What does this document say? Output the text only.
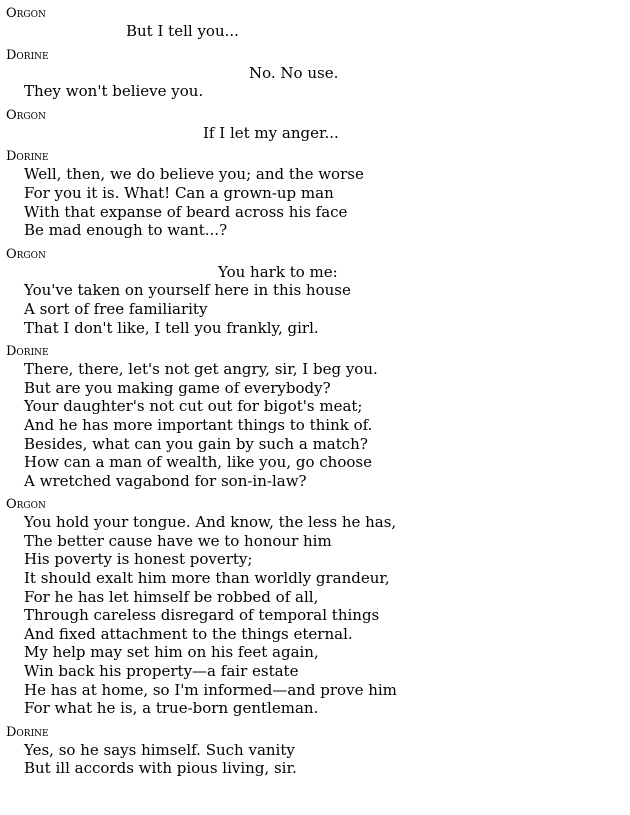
Orgon
But I tell you...
Dorine
No. No use.
They won't believe you.
Orgon
If I let my anger...
Dorine
Well, then, we do believe you; and the worse
For you it is. What! Can a grown-up man
With that expanse of beard across his face
Be mad enough to want...?
Orgon
You hark to me:
You've taken on yourself here in this house
A sort of free familiarity
That I don't like, I tell you frankly, girl.
Dorine
There, there, let's not get angry, sir, I beg you.
But are you making game of everybody?
Your daughter's not cut out for bigot's meat;
And he has more important things to think of.
Besides, what can you gain by such a match?
How can a man of wealth, like you, go choose
A wretched vagabond for son-in-law?
Orgon
You hold your tongue. And know, the less he has,
The better cause have we to honour him
His poverty is honest poverty;
It should exalt him more than worldly grandeur,
For he has let himself be robbed of all,
Through careless disregard of temporal things
And fixed attachment to the things eternal.
My help may set him on his feet again,
Win back his property—a fair estate
He has at home, so I'm informed—and prove him
For what he is, a true-born gentleman.
Dorine
Yes, so he says himself. Such vanity
But ill accords with pious living, sir.
